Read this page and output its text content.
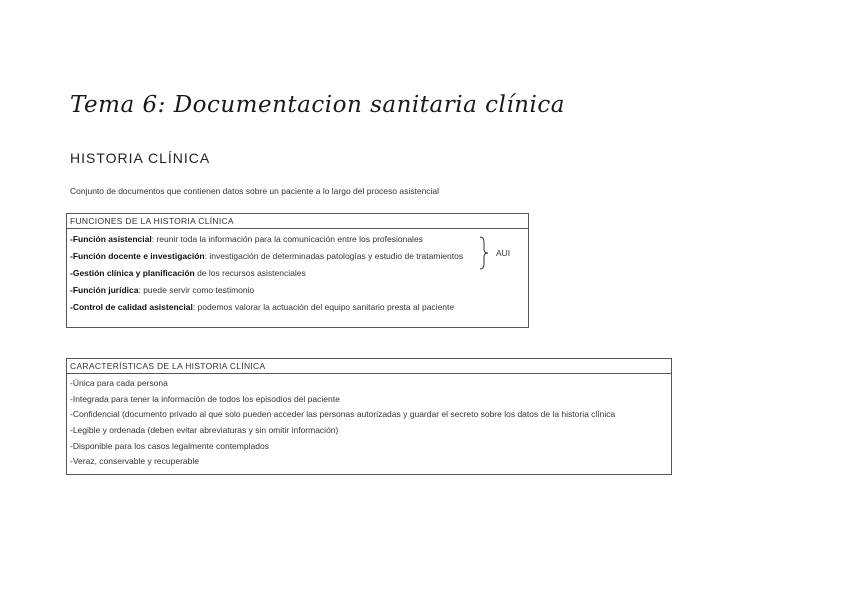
Tema 6: Documentacion sanitaria clínica
HISTORIA CLÍNICA
Conjunto de documentos que contienen datos sobre un paciente a lo largo del proceso asistencial
FUNCIONES DE LA HISTORIA CLÍNICA
-Función asistencial: reunir toda la información para la comunicación entre los profesionales
-Función docente e investigación: investigación de determinadas patologías y estudio de tratamientos
-Gestión clínica y planificación de los recursos asistenciales
-Función jurídica: puede servir como testimonio
-Control de calidad asistencial: podemos valorar la actuación del equipo sanitario presta al paciente
AUI
CARACTERÍSTICAS DE LA HISTORIA CLÍNICA
-Única para cada persona
-Integrada para tener la información de todos los episodios del paciente
-Confidencial (documento privado al que solo pueden acceder las personas autorizadas y guardar el secreto sobre los datos de la historia clínica
-Legible y ordenada (deben evitar abreviaturas y sin omitir información)
-Disponible para los casos legalmente contemplados
-Veraz, conservable y recuperable
